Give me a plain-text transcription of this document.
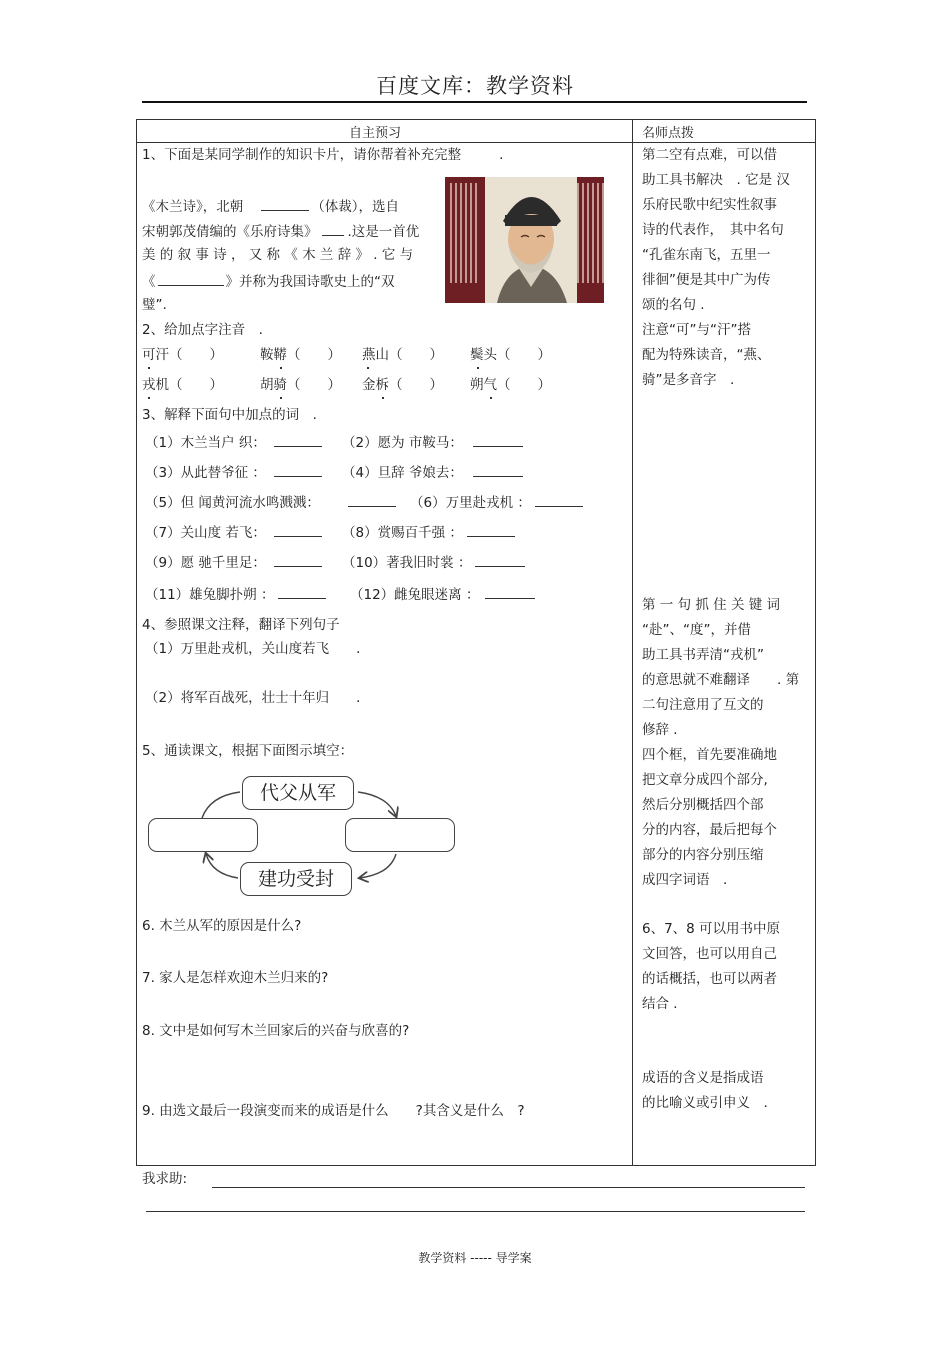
百度文库：教学资料
自主预习	名师点拨
1、下面是某同学制作的知识卡片，请你帮着补充完整	.
《木兰诗》，北朝	（体裁），选自
宋朝郭茂倩编的《乐府诗集》 .这是一首优
美 的 叙 事 诗 ， 又 称 《 木 兰 辞 》 . 它 与
《	》并称为我国诗歌史上的“双
璧”.
2、给加点字注音　.
可汗（　　）	鞍鞯（　　） 燕山（　　） 鬓头（　　）
戎机（　　）	胡骑（　　） 金柝（　　） 朔气（　　）
3、解释下面句中加点的词　.
（1）木兰当户 织：	（2）愿为 市鞍马：
（3）从此替爷征 ：	（4）旦辞 爷娘去：
（5）但 闻黄河流水鸣溅溅：	（6）万里赴戎机 ：
（7）关山度 若飞：	（8）赏赐百千强 ：
（9）愿 驰千里足：	（10）著我旧时裳 ：
（11）雄兔脚扑朔 ：	（12）雌兔眼迷离 ：
4、参照课文注释，翻译下列句子
（1）万里赴戎机，关山度若飞　　.
（2）将军百战死，壮士十年归　　.
5、通读课文，根据下面图示填空：
代父从军
建功受封
6. 木兰从军的原因是什么?
7. 家人是怎样欢迎木兰归来的?
8. 文中是如何写木兰回家后的兴奋与欣喜的?
9. 由选文最后一段演变而来的成语是什么　　?其含义是什么　?
第二空有点难，可以借
助工具书解决　. 它是 汉
乐府民歌中纪实性叙事
诗的代表作，　其中名句
“孔雀东南飞，五里一
徘徊”便是其中广为传
颂的名句 .
注意“可”与“汗”搭
配为特殊读音，“燕、
骑”是多音字　.
第 一 句 抓 住 关 键 词
“赴”、“度”，并借
助工具书弄清“戎机”
的意思就不难翻译　　. 第
二句注意用了互文的
修辞 .
四个框，首先要准确地
把文章分成四个部分,
然后分别概括四个部
分的内容，最后把每个
部分的内容分别压缩
成四字词语　.
6、7、8 可以用书中原
文回答，也可以用自己
的话概括，也可以两者
结合 .
成语的含义是指成语
的比喻义或引申义　.
我求助:
教学资料 ----- 导学案
